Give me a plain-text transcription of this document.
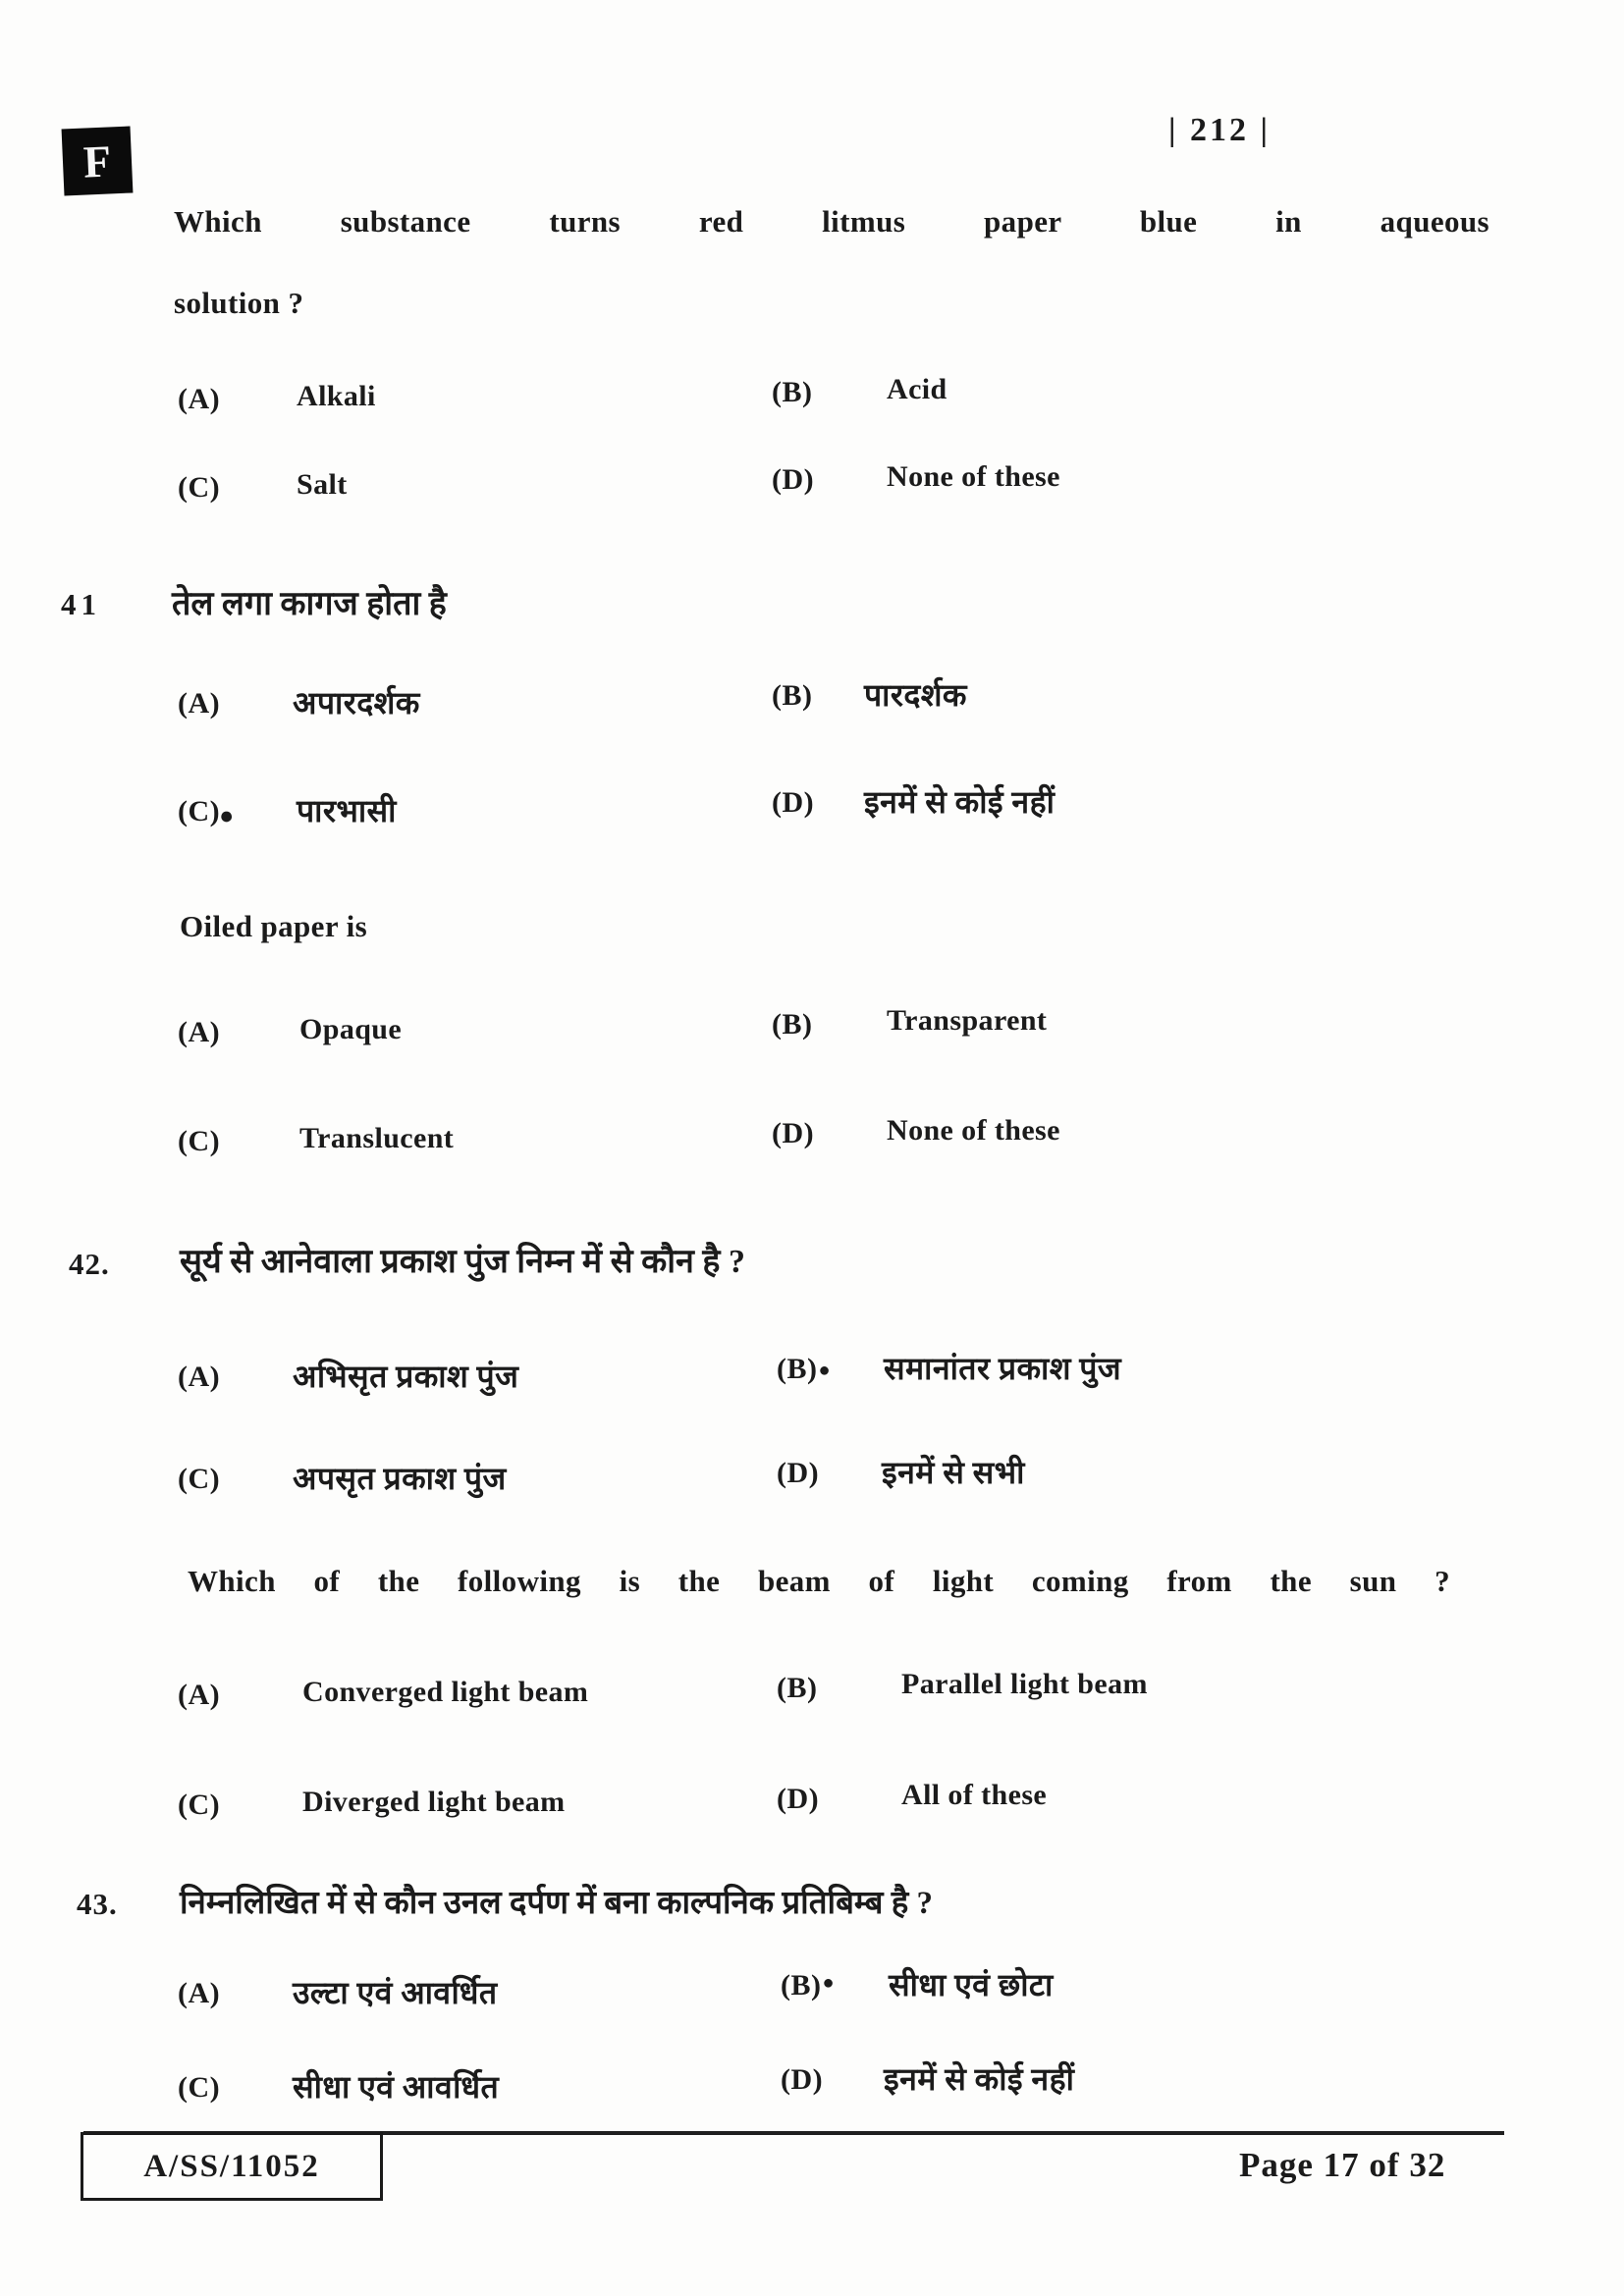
F
| 212 |
Which substance turns red litmus paper blue in aqueous
solution ?
(A)	Alkali	(B)	Acid
(C)	Salt	(D) None of these
41 तेल लगा कागज होता है
(A) अपारदर्शक	(B) पारदर्शक
(C)● पारभासी	(D) इनमें से कोई नहीं
Oiled paper is
(A)	Opaque	(B)	Transparent
(C)	Translucent	(D) None of these
42. सूर्य से आनेवाला प्रकाश पुंज निम्न में से कौन है ?
(A) अभिसृत प्रकाश पुंज	(B)● समानांतर प्रकाश पुंज
(C) अपसृत प्रकाश पुंज	(D) इनमें से सभी
Which of the following is the beam of light coming from the sun ?
(A)	Converged light beam	(B)	Parallel light beam
(C)	Diverged light beam	(D)	All of these
43. निम्नलिखित में से कौन उनल दर्पण में बना काल्पनिक प्रतिबिम्ब है ?
(A) उल्टा एवं आवर्धित	(B)● सीधा एवं छोटा
(C) सीधा एवं आवर्धित	(D) इनमें से कोई नहीं
A/SS/11052	Page 17 of 32
